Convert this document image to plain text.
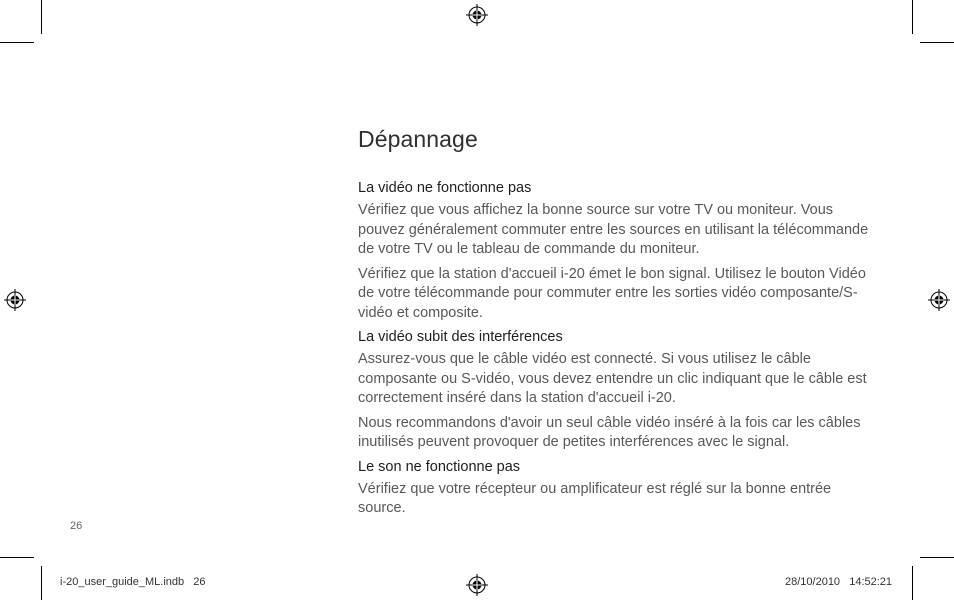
Dépannage
La vidéo ne fonctionne pas

Vérifiez que vous affichez la bonne source sur votre TV ou moniteur. Vous pouvez généralement commuter entre les sources en utilisant la télécommande de votre TV ou le tableau de commande du moniteur.

Vérifiez que la station d'accueil i-20 émet le bon signal. Utilisez le bouton Vidéo de votre télécommande pour commuter entre les sorties vidéo composante/S-vidéo et composite.

La vidéo subit des interférences

Assurez-vous que le câble vidéo est connecté. Si vous utilisez le câble composante ou S-vidéo, vous devez entendre un clic indiquant que le câble est correctement inséré dans la station d'accueil i-20.

Nous recommandons d'avoir un seul câble vidéo inséré à la fois car les câbles inutilisés peuvent provoquer de petites interférences avec le signal.

Le son ne fonctionne pas

Vérifiez que votre récepteur ou amplificateur est réglé sur la bonne entrée source.

26
i-20_user_guide_ML.indb   26	28/10/2010   14:52:21
